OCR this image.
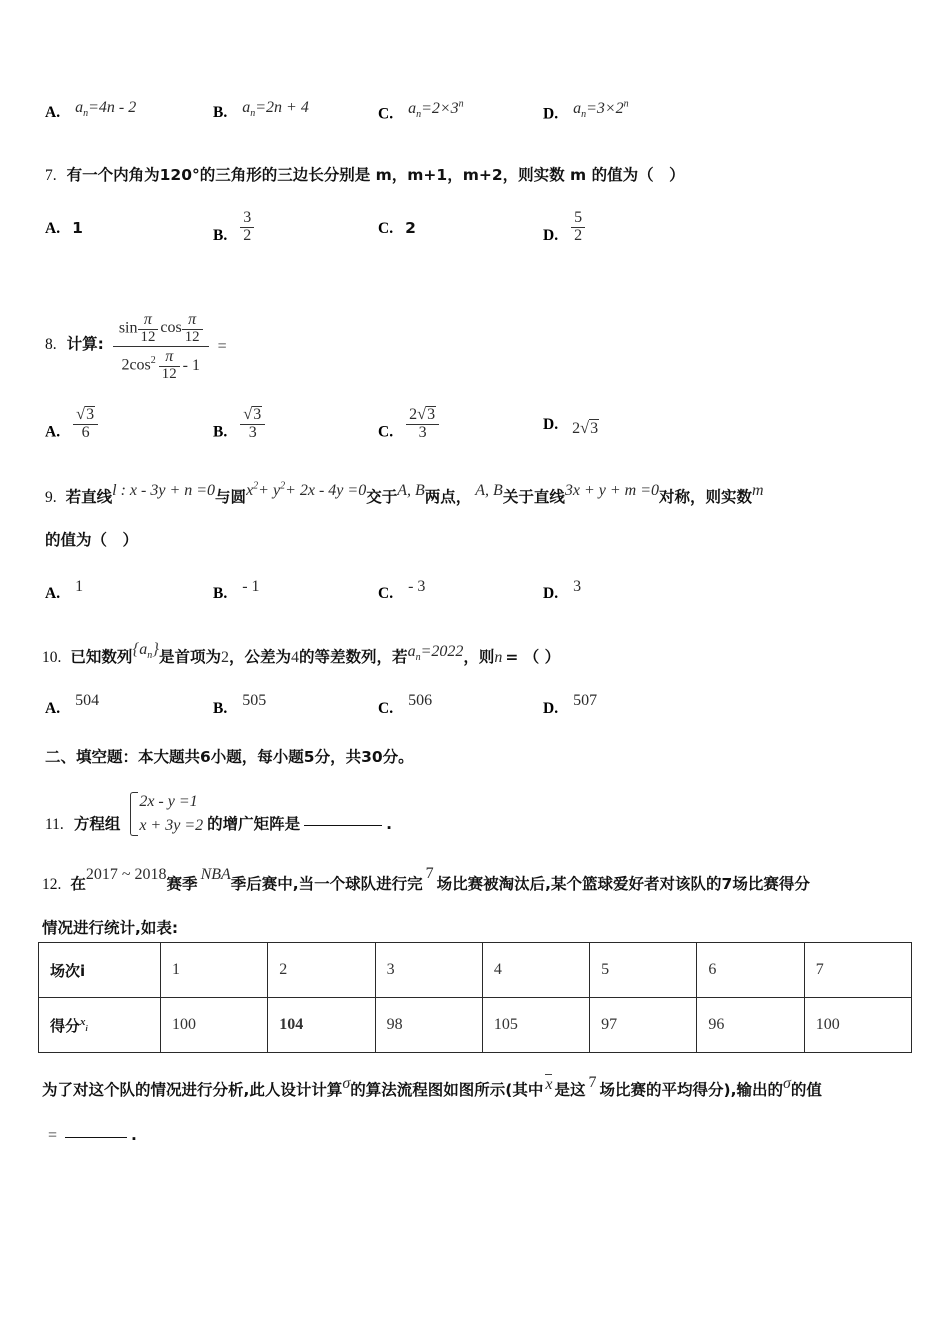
A. $a_n=4n - 2$	B. $a_n=2n + 4$	C. $a_n=2\times 3^n$
D. $a_n=3\times 2^n$
7. 有一个内角为120°的三角形的三边长分别是 m，m+1，m+2，则实数 m 的值为（　）
A. 1	B. $\frac{3}{2}$	C. 2	D. $\frac{5}{2}$
8. 计算: $\frac{\sin \frac{\pi}{12} \cos \frac{\pi}{12}}{2\cos^2 \frac{\pi}{12} - 1}$ =
A. √ $\frac{3}{6}$	B. √ $\frac{3}{3}$	C. $\frac{2 √ 3}{3}$	D. 2 √ 3
9. 若直线l : x - 3y + n =0与圆$x^2+ y^2+ 2x - 4y =0$交于A, B两点， A, B关于直线3x + y + m =0对称，则实数m
的值为（　）
A. 1	B. - 1	C. - 3	D. 3
10. 已知数列$\{a_n\}$是首项为2，公差为4的等差数列，若$a_n=2022$，则n = （ ）
A. 504	B. 505	C. 506	D. 507
二、填空题：本大题共6小题，每小题5分，共30分。
11. 方程组
2x - y =1
x + 3y =2 的增广矩阵是	.
12. 在2017 ~ 2018赛季NBA季后赛中,当一个球队进行完7场比赛被淘汰后,某个篮球爱好者对该队的7场比赛得分
情况进行统计,如表:
场次i	1	2	3	4	5	6	7
得分$^x$i	100	104	98	105	97	96	100
为了对这个队的情况进行分析,此人设计计算σ的算法流程图如图所示(其中 x 是这 7 场比赛的平均得分),输出的σ的值
=	.
